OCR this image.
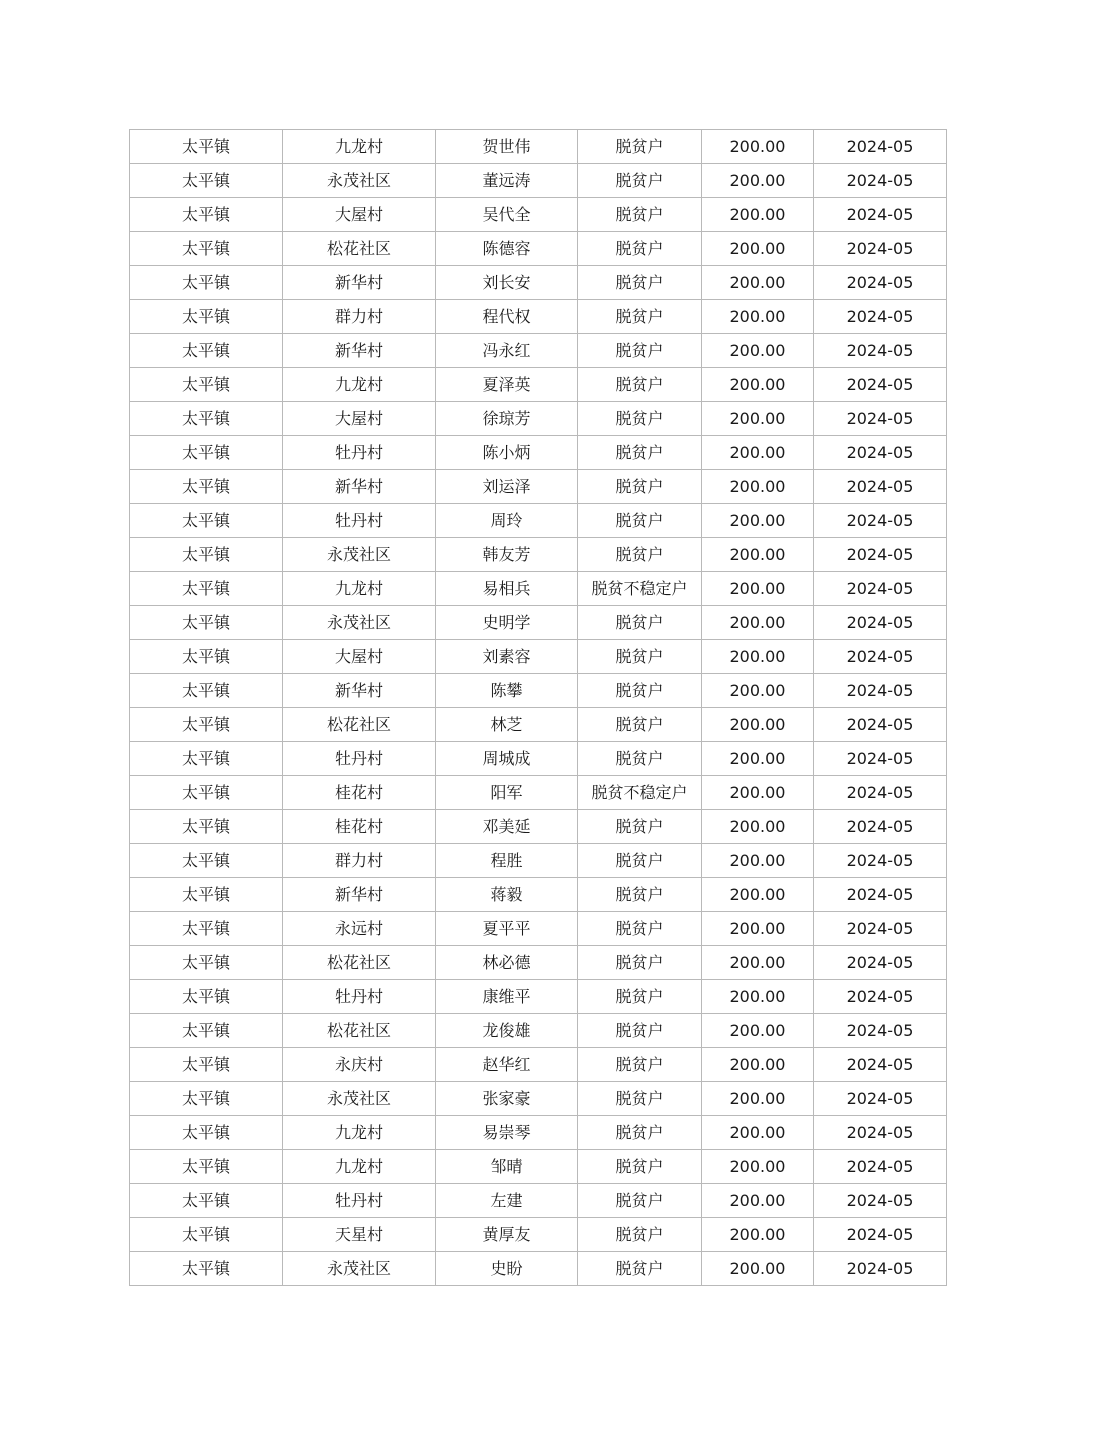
太平镇	九龙村	贺世伟	脱贫户	200.00	2024-05
太平镇	永茂社区	董远涛	脱贫户	200.00	2024-05
太平镇	大屋村	吴代全	脱贫户	200.00	2024-05
太平镇	松花社区	陈德容	脱贫户	200.00	2024-05
太平镇	新华村	刘长安	脱贫户	200.00	2024-05
太平镇	群力村	程代权	脱贫户	200.00	2024-05
太平镇	新华村	冯永红	脱贫户	200.00	2024-05
太平镇	九龙村	夏泽英	脱贫户	200.00	2024-05
太平镇	大屋村	徐琼芳	脱贫户	200.00	2024-05
太平镇	牡丹村	陈小炳	脱贫户	200.00	2024-05
太平镇	新华村	刘运泽	脱贫户	200.00	2024-05
太平镇	牡丹村	周玲	脱贫户	200.00	2024-05
太平镇	永茂社区	韩友芳	脱贫户	200.00	2024-05
太平镇	九龙村	易相兵	脱贫不稳定户	200.00	2024-05
太平镇	永茂社区	史明学	脱贫户	200.00	2024-05
太平镇	大屋村	刘素容	脱贫户	200.00	2024-05
太平镇	新华村	陈攀	脱贫户	200.00	2024-05
太平镇	松花社区	林芝	脱贫户	200.00	2024-05
太平镇	牡丹村	周城成	脱贫户	200.00	2024-05
太平镇	桂花村	阳军	脱贫不稳定户	200.00	2024-05
太平镇	桂花村	邓美延	脱贫户	200.00	2024-05
太平镇	群力村	程胜	脱贫户	200.00	2024-05
太平镇	新华村	蒋毅	脱贫户	200.00	2024-05
太平镇	永远村	夏平平	脱贫户	200.00	2024-05
太平镇	松花社区	林必德	脱贫户	200.00	2024-05
太平镇	牡丹村	康维平	脱贫户	200.00	2024-05
太平镇	松花社区	龙俊雄	脱贫户	200.00	2024-05
太平镇	永庆村	赵华红	脱贫户	200.00	2024-05
太平镇	永茂社区	张家豪	脱贫户	200.00	2024-05
太平镇	九龙村	易崇琴	脱贫户	200.00	2024-05
太平镇	九龙村	邹晴	脱贫户	200.00	2024-05
太平镇	牡丹村	左建	脱贫户	200.00	2024-05
太平镇	天星村	黄厚友	脱贫户	200.00	2024-05
太平镇	永茂社区	史盼	脱贫户	200.00	2024-05
